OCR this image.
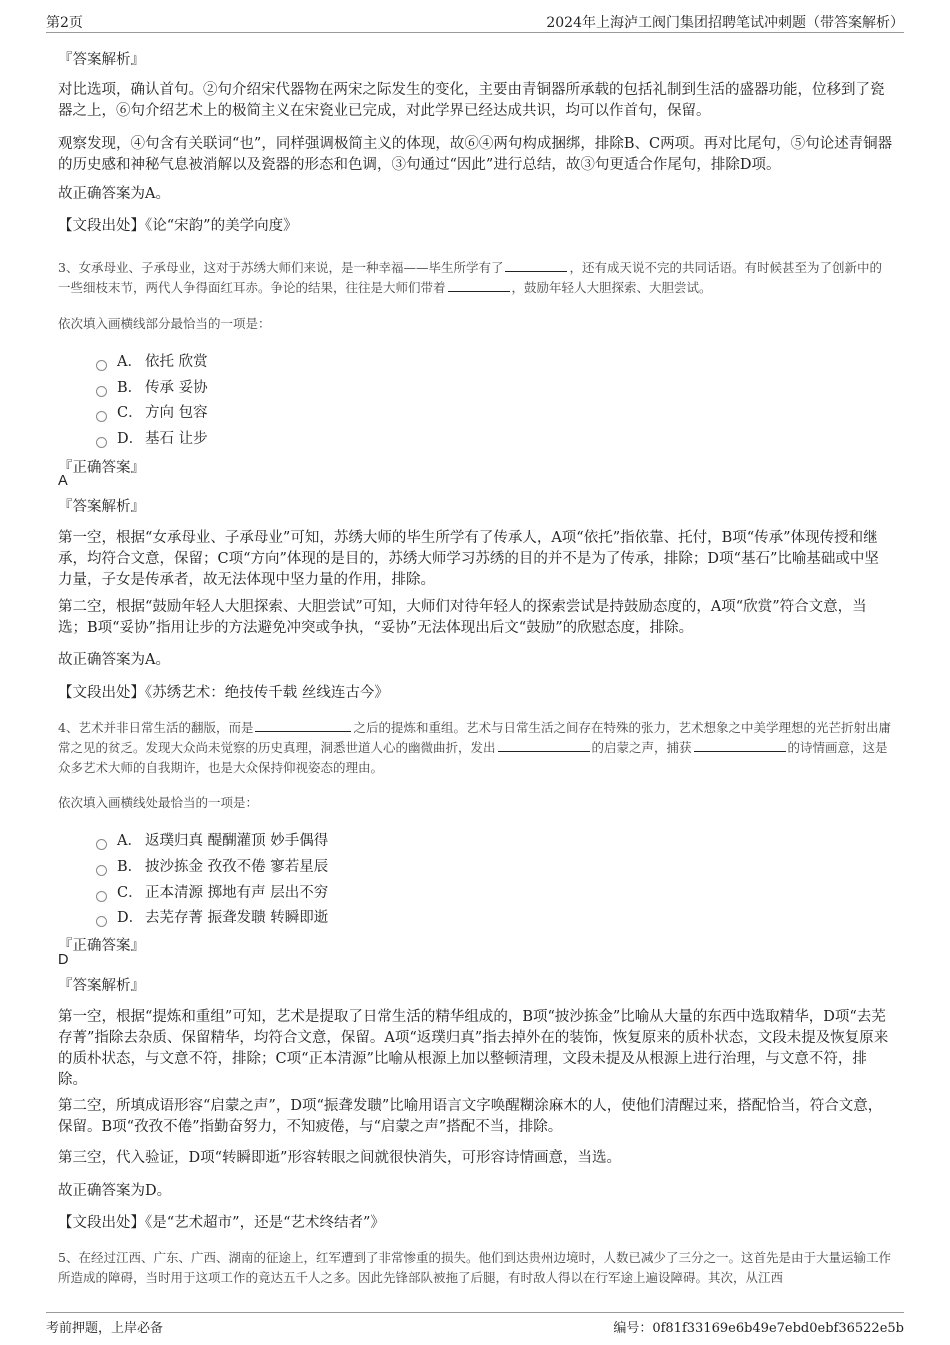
第2页	2024年上海泸工阀门集团招聘笔试冲刺题（带答案解析）
『答案解析』
对比选项，确认首句。②句介绍宋代器物在两宋之际发生的变化，主要由青铜器所承载的包括礼制到生活的盛器功能，位移到了瓷器之上，⑥句介绍艺术上的极简主义在宋瓷业已完成，对此学界已经达成共识，均可以作首句，保留。
观察发现，④句含有关联词“也”，同样强调极简主义的体现，故⑥④两句构成捆绑，排除B、C两项。再对比尾句，⑤句论述青铜器的历史感和神秘气息被消解以及瓷器的形态和色调，③句通过“因此”进行总结，故③句更适合作尾句，排除D项。
故正确答案为A。
【文段出处】《论“宋韵”的美学向度》
3、女承母业、子承母业，这对于苏绣大师们来说，是一种幸福——毕生所学有了	，还有成天说不完的共同话语。有时候甚至为了创新中的一些细枝末节，两代人争得面红耳赤。争论的结果，往往是大师们带着	，鼓励年轻人大胆探索、大胆尝试。
依次填入画横线部分最恰当的一项是：
A． 依托 欣赏
B． 传承 妥协
C． 方向 包容
D． 基石 让步
『正确答案』
A
『答案解析』
第一空，根据“女承母业、子承母业”可知，苏绣大师的毕生所学有了传承人，A项“依托”指依靠、托付，B项“传承”体现传授和继承，均符合文意，保留；C项“方向”体现的是目的，苏绣大师学习苏绣的目的并不是为了传承，排除；D项“基石”比喻基础或中坚力量，子女是传承者，故无法体现中坚力量的作用，排除。
第二空，根据“鼓励年轻人大胆探索、大胆尝试”可知，大师们对待年轻人的探索尝试是持鼓励态度的，A项“欣赏”符合文意，当选；B项“妥协”指用让步的方法避免冲突或争执，“妥协”无法体现出后文“鼓励”的欣慰态度，排除。
故正确答案为A。
【文段出处】《苏绣艺术：绝技传千载 丝线连古今》
4、艺术并非日常生活的翻版，而是	之后的提炼和重组。艺术与日常生活之间存在特殊的张力，艺术想象之中美学理想的光芒折射出庸常之见的贫乏。发现大众尚未觉察的历史真理，洞悉世道人心的幽微曲折，发出	的启蒙之声，捕获	的诗情画意，这是众多艺术大师的自我期许，也是大众保持仰视姿态的理由。
依次填入画横线处最恰当的一项是：
A． 返璞归真 醍醐灌顶 妙手偶得
B． 披沙拣金 孜孜不倦 寥若星辰
C． 正本清源 掷地有声 层出不穷
D． 去芜存菁 振聋发聩 转瞬即逝
『正确答案』
D
『答案解析』
第一空，根据“提炼和重组”可知，艺术是提取了日常生活的精华组成的，B项“披沙拣金”比喻从大量的东西中选取精华，D项“去芜存菁”指除去杂质、保留精华，均符合文意，保留。A项“返璞归真”指去掉外在的装饰，恢复原来的质朴状态，文段未提及恢复原来的质朴状态，与文意不符，排除；C项“正本清源”比喻从根源上加以整顿清理，文段未提及从根源上进行治理，与文意不符，排除。
第二空，所填成语形容“启蒙之声”，D项“振聋发聩”比喻用语言文字唤醒糊涂麻木的人，使他们清醒过来，搭配恰当，符合文意，保留。B项“孜孜不倦”指勤奋努力，不知疲倦，与“启蒙之声”搭配不当，排除。
第三空，代入验证，D项“转瞬即逝”形容转眼之间就很快消失，可形容诗情画意，当选。
故正确答案为D。
【文段出处】《是“艺术超市”，还是“艺术终结者”》
5、在经过江西、广东、广西、湖南的征途上，红军遭到了非常惨重的损失。他们到达贵州边境时，人数已减少了三分之一。这首先是由于大量运输工作所造成的障碍，当时用于这项工作的竟达五千人之多。因此先锋部队被拖了后腿，有时敌人得以在行军途上遍设障碍。其次，从江西
考前押题，上岸必备	编号：0f81f33169e6b49e7ebd0ebf36522e5b
